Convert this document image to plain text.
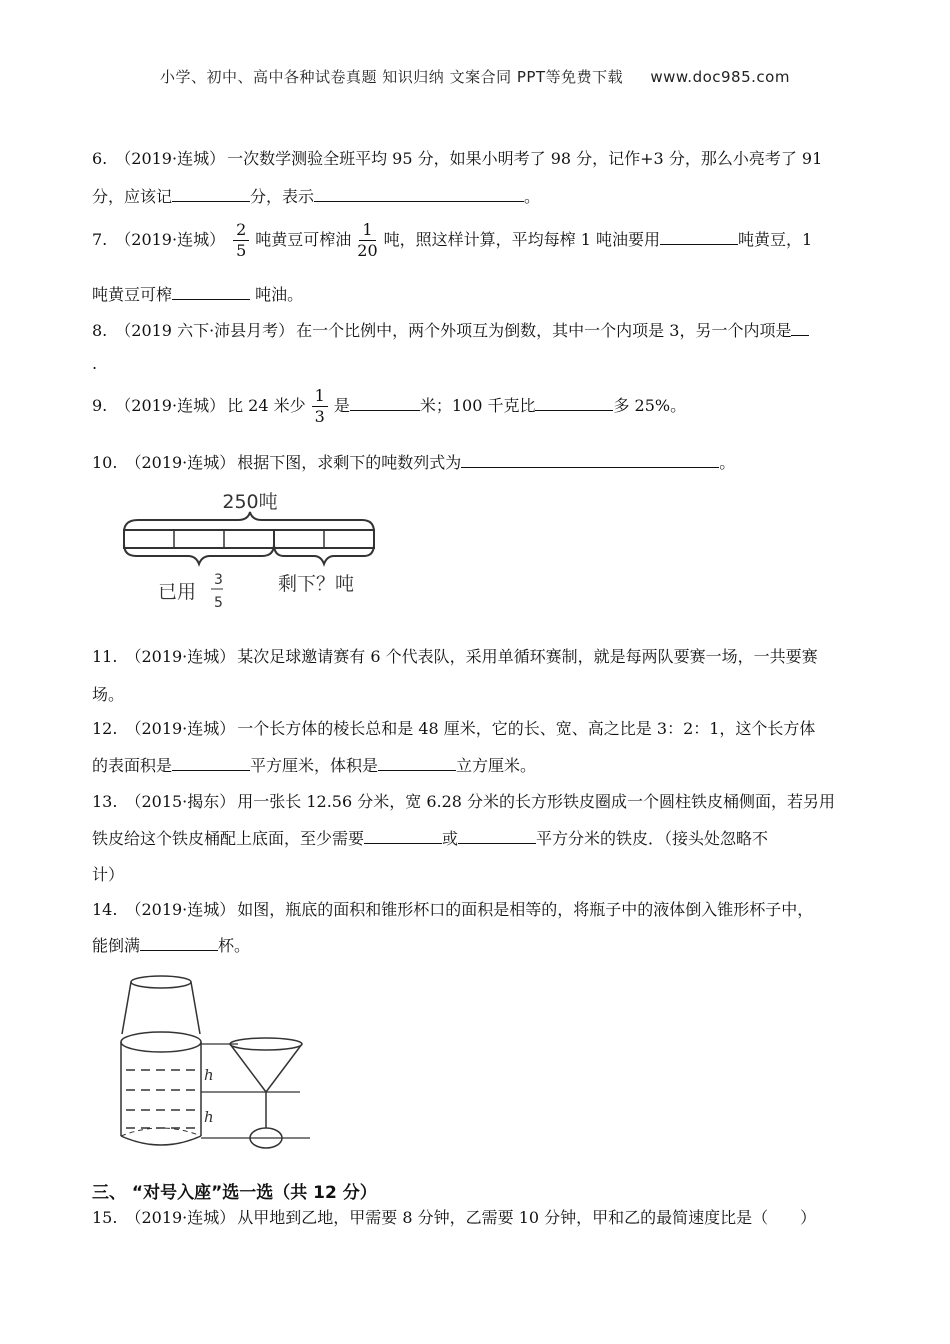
小学、初中、高中各种试卷真题 知识归纳 文案合同 PPT等免费下载 www.doc985.com
6. （2019·连城） 一次数学测验全班平均 95 分，如果小明考了 98 分，记作+3 分，那么小亮考了 91
分，应该记	分，表示	。
7. （2019·连城） $\frac{2}{5}$ 吨黄豆可榨油 $\frac{1}{20}$ 吨，照这样计算，平均每榨 1 吨油要用	吨黄豆，1
吨黄豆可榨	吨油。
8. （2019 六下·沛县月考） 在一个比例中，两个外项互为倒数，其中一个内项是 3，另一个内项是
.
9. （2019·连城） 比 24 米少 $\frac{1}{3}$ 是	米；100 千克比	多 25%。
10. （2019·连城） 根据下图，求剩下的吨数列式为	。
250吨
已用
3
5
剩下？吨
11. （2019·连城） 某次足球邀请赛有 6 个代表队，采用单循环赛制，就是每两队要赛一场，一共要赛
场。
12. （2019·连城） 一个长方体的棱长总和是 48 厘米，它的长、宽、高之比是 3：2：1，这个长方体
的表面积是	平方厘米，体积是	立方厘米。
13. （2015·揭东） 用一张长 12.56 分米，宽 6.28 分米的长方形铁皮圈成一个圆柱铁皮桶侧面，若另用
铁皮给这个铁皮桶配上底面，至少需要	或	平方分米的铁皮．（接头处忽略不
计）
14. （2019·连城） 如图，瓶底的面积和锥形杯口的面积是相等的，将瓶子中的液体倒入锥形杯子中，
能倒满	杯。
h
h
三、 “对号入座”选一选（共 12 分）
15. （2019·连城） 从甲地到乙地，甲需要 8 分钟，乙需要 10 分钟，甲和乙的最简速度比是（　　）
